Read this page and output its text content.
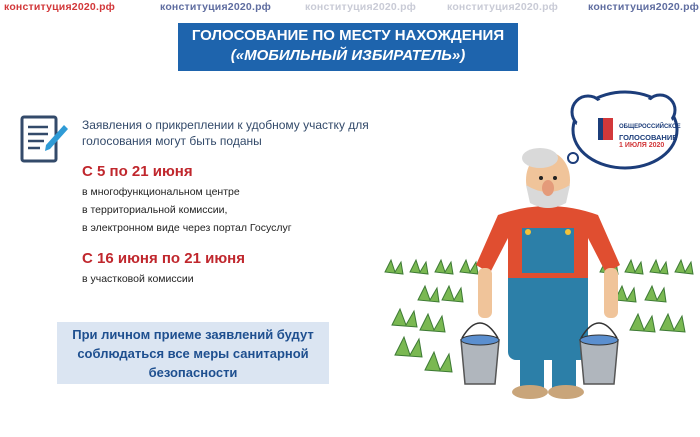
конституция2020.рф	конституция2020.рф	конституция2020.рф	конституция2020.рф	конституция2020.рф
ГОЛОСОВАНИЕ ПО МЕСТУ НАХОЖДЕНИЯ
(«МОБИЛЬНЫЙ ИЗБИРАТЕЛЬ»)
Заявления о прикреплении к удобному участку для
голосования могут быть поданы
С 5 по 21 июня
в многофункциональном центре
в территориальной комиссии,
в электронном виде через портал Госуслуг
С 16 июня по 21 июня
в участковой комиссии
При личном приеме заявлений будут
соблюдаться все меры санитарной
безопасности
ОБЩЕРОССИЙСКОЕ
ГОЛОСОВАНИЕ
1 ИЮЛЯ 2020
